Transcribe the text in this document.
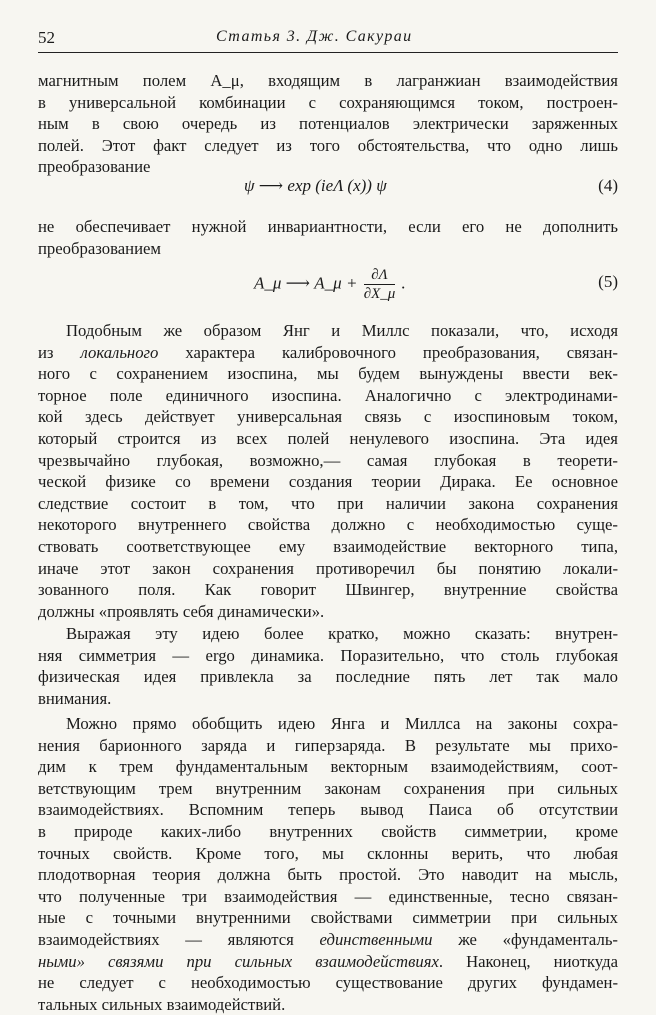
52	Статья 3. Дж. Сакураи
магнитным полем A_μ, входящим в лагранжиан взаимодействия
в универсальной комбинации с сохраняющимся током, построен-
ным в свою очередь из потенциалов электрически заряженных
полей. Этот факт следует из того обстоятельства, что одно лишь
преобразование
ψ ⟶ exp (ieΛ (x)) ψ	(4)
не обеспечивает нужной инвариантности, если его не дополнить
преобразованием
A_μ ⟶ A_μ + $\frac{\partial\Lambda}{\partial X\_\mu}$ .	(5)
Подобным же образом Янг и Миллс показали, что, исходя
из локального характера калибровочного преобразования, связан-
ного с сохранением изоспина, мы будем вынуждены ввести век-
торное поле единичного изоспина. Аналогично с электродинами-
кой здесь действует универсальная связь с изоспиновым током,
который строится из всех полей ненулевого изоспина. Эта идея
чрезвычайно глубокая, возможно,— самая глубокая в теорети-
ческой физике со времени создания теории Дирака. Ее основное
следствие состоит в том, что при наличии закона сохранения
некоторого внутреннего свойства должно с необходимостью суще-
ствовать соответствующее ему взаимодействие векторного типа,
иначе этот закон сохранения противоречил бы понятию локали-
зованного поля. Как говорит Швингер, внутренние свойства
должны «проявлять себя динамически».
Выражая эту идею более кратко, можно сказать: внутрен-
няя симметрия — ergo динамика. Поразительно, что столь глубокая
физическая идея привлекла за последние пять лет так мало
внимания.
Можно прямо обобщить идею Янга и Миллса на законы сохра-
нения барионного заряда и гиперзаряда. В результате мы прихо-
дим к трем фундаментальным векторным взаимодействиям, соот-
ветствующим трем внутренним законам сохранения при сильных
взаимодействиях. Вспомним теперь вывод Паиса об отсутствии
в природе каких-либо внутренних свойств симметрии, кроме
точных свойств. Кроме того, мы склонны верить, что любая
плодотворная теория должна быть простой. Это наводит на мысль,
что полученные три взаимодействия — единственные, тесно связан-
ные с точными внутренними свойствами симметрии при сильных
взаимодействиях — являются единственными же «фундаменталь-
ными» связями при сильных взаимодействиях. Наконец, ниоткуда
не следует с необходимостью существование других фундамен-
тальных сильных взаимодействий.
